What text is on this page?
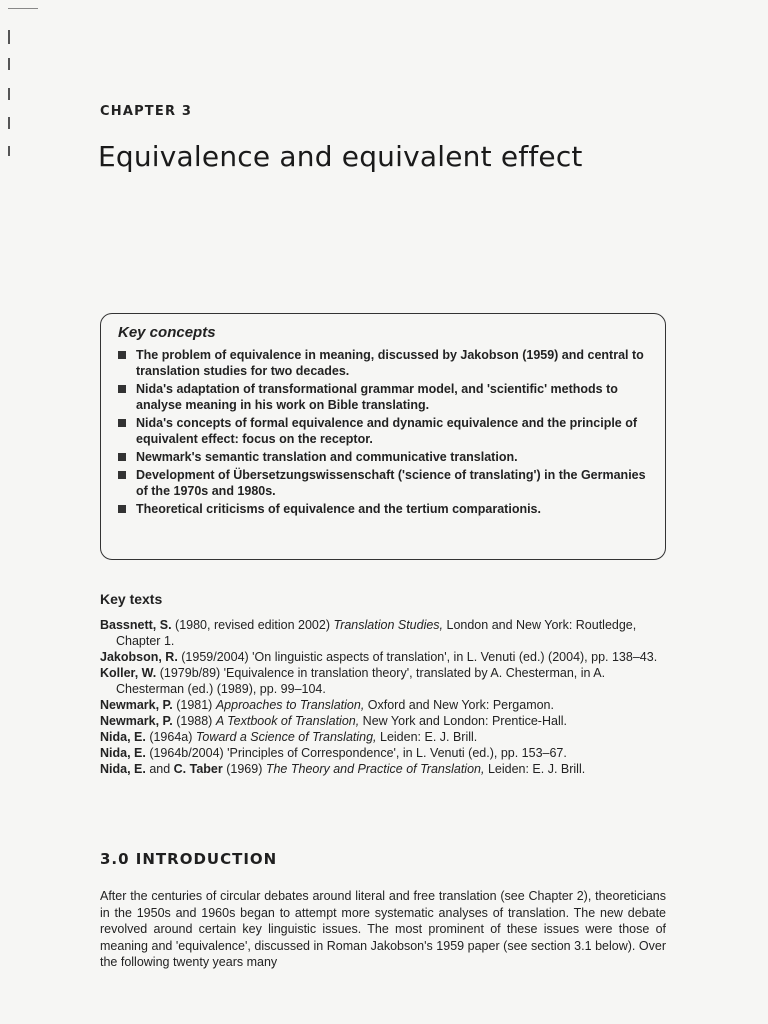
CHAPTER 3
Equivalence and equivalent effect
Key concepts
The problem of equivalence in meaning, discussed by Jakobson (1959) and central to translation studies for two decades.
Nida's adaptation of transformational grammar model, and 'scientific' methods to analyse meaning in his work on Bible translating.
Nida's concepts of formal equivalence and dynamic equivalence and the principle of equivalent effect: focus on the receptor.
Newmark's semantic translation and communicative translation.
Development of Übersetzungswissenschaft ('science of translating') in the Germanies of the 1970s and 1980s.
Theoretical criticisms of equivalence and the tertium comparationis.
Key texts
Bassnett, S. (1980, revised edition 2002) Translation Studies, London and New York: Routledge, Chapter 1.
Jakobson, R. (1959/2004) 'On linguistic aspects of translation', in L. Venuti (ed.) (2004), pp. 138–43.
Koller, W. (1979b/89) 'Equivalence in translation theory', translated by A. Chesterman, in A. Chesterman (ed.) (1989), pp. 99–104.
Newmark, P. (1981) Approaches to Translation, Oxford and New York: Pergamon.
Newmark, P. (1988) A Textbook of Translation, New York and London: Prentice-Hall.
Nida, E. (1964a) Toward a Science of Translating, Leiden: E. J. Brill.
Nida, E. (1964b/2004) 'Principles of Correspondence', in L. Venuti (ed.), pp. 153–67.
Nida, E. and C. Taber (1969) The Theory and Practice of Translation, Leiden: E. J. Brill.
3.0 INTRODUCTION
After the centuries of circular debates around literal and free translation (see Chapter 2), theoreticians in the 1950s and 1960s began to attempt more systematic analyses of translation. The new debate revolved around certain key linguistic issues. The most prominent of these issues were those of meaning and 'equivalence', discussed in Roman Jakobson's 1959 paper (see section 3.1 below). Over the following twenty years many
